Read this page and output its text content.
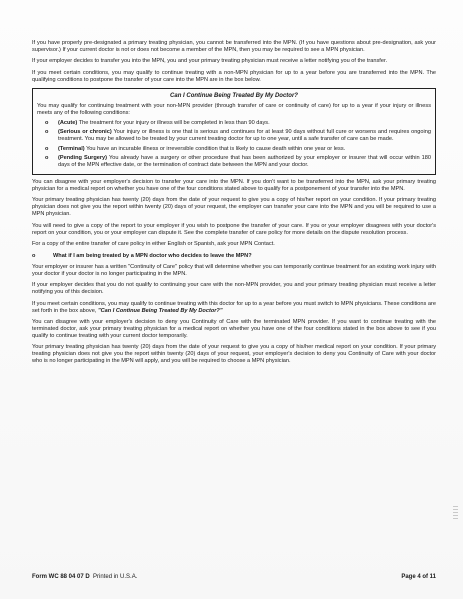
If you have properly pre-designated a primary treating physician, you cannot be transferred into the MPN. (If you have questions about pre-designation, ask your supervisor.) If your current doctor is not or does not become a member of the MPN, then you may be required to see a MPN physician.

If your employer decides to transfer you into the MPN, you and your primary treating physician must receive a letter notifying you of the transfer.

If you meet certain conditions, you may qualify to continue treating with a non-MPN physician for up to a year before you are transferred into the MPN. The qualifying conditions to postpone the transfer of your care into the MPN are in the box below.

Can I Continue Being Treated By My Doctor?

You may qualify for continuing treatment with your non-MPN provider (through transfer of care or continuity of care) for up to a year if your injury or illness meets any of the following conditions:

o (Acute) The treatment for your injury or illness will be completed in less than 90 days.
o (Serious or chronic) Your injury or illness is one that is serious and continues for at least 90 days without full cure or worsens and requires ongoing treatment. You may be allowed to be treated by your current treating doctor for up to one year, until a safe transfer of care can be made.
o (Terminal) You have an incurable illness or irreversible condition that is likely to cause death within one year or less.
o (Pending Surgery) You already have a surgery or other procedure that has been authorized by your employer or insurer that will occur within 180 days of the MPN effective date, or the termination of contract date between the MPN and your doctor.

You can disagree with your employer's decision to transfer your care into the MPN. If you don't want to be transferred into the MPN, ask your primary treating physician for a medical report on whether you have one of the four conditions stated above to qualify for a postponement of your transfer into the MPN.

Your primary treating physician has twenty (20) days from the date of your request to give you a copy of his/her report on your condition. If your primary treating physician does not give you the report within twenty (20) days of your request, the employer can transfer your care into the MPN and you will be required to use a MPN physician.

You will need to give a copy of the report to your employer if you wish to postpone the transfer of your care. If you or your employer disagrees with your doctor's report on your condition, you or your employer can dispute it. See the complete transfer of care policy for more details on the dispute resolution process.

For a copy of the entire transfer of care policy in either English or Spanish, ask your MPN Contact.

o	What if I am being treated by a MPN doctor who decides to leave the MPN?

Your employer or insurer has a written "Continuity of Care" policy that will determine whether you can temporarily continue treatment for an existing work injury with your doctor if your doctor is no longer participating in the MPN.

If your employer decides that you do not qualify to continuing your care with the non-MPN provider, you and your primary treating physician must receive a letter notifying you of this decision.

If you meet certain conditions, you may qualify to continue treating with this doctor for up to a year before you must switch to MPN physicians. These conditions are set forth in the box above, "Can I Continue Being Treated By My Doctor?"

You can disagree with your employer's decision to deny you Continuity of Care with the terminated MPN provider. If you want to continue treating with the terminated doctor, ask your primary treating physician for a medical report on whether you have one of the four conditions stated in the box above to see if you qualify to continue treating with your current doctor temporarily.

Your primary treating physician has twenty (20) days from the date of your request to give you a copy of his/her medical report on your condition. If your primary treating physician does not give you the report within twenty (20) days of your request, your employer's decision to deny you Continuity of Care with your doctor who is no longer participating in the MPN will apply, and you will be required to choose a MPN physician.

Form WC 88 04 07 D Printed in U.S.A.	Page 4 of 11
